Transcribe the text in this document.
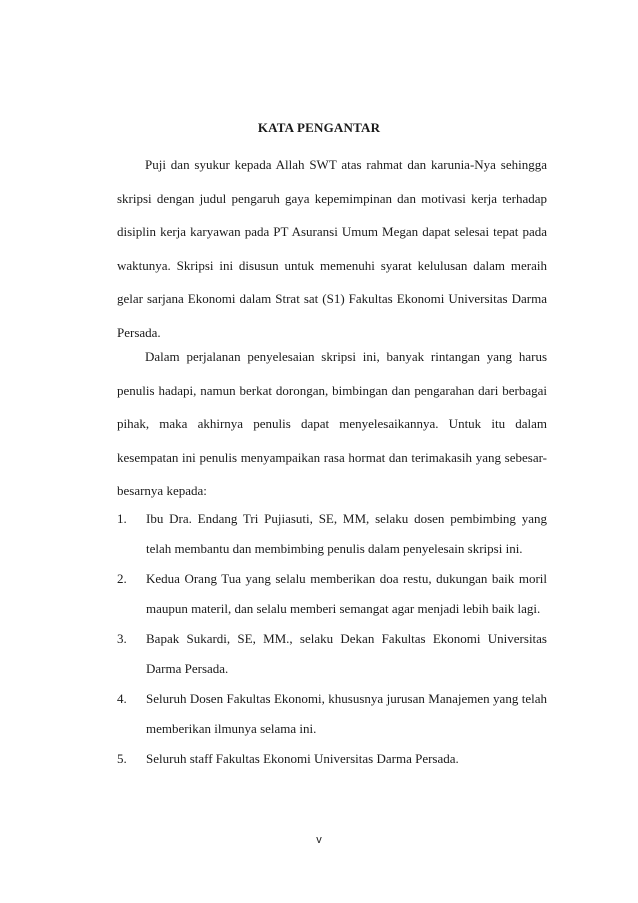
KATA PENGANTAR

Puji dan syukur kepada Allah SWT atas rahmat dan karunia-Nya sehingga skripsi dengan judul pengaruh gaya kepemimpinan dan motivasi kerja terhadap disiplin kerja karyawan pada PT Asuransi Umum Megan dapat selesai tepat pada waktunya. Skripsi ini disusun untuk memenuhi syarat kelulusan dalam meraih gelar sarjana Ekonomi dalam Strat sat (S1) Fakultas Ekonomi Universitas Darma Persada.

Dalam perjalanan penyelesaian skripsi ini, banyak rintangan yang harus penulis hadapi, namun berkat dorongan, bimbingan dan pengarahan dari berbagai pihak, maka akhirnya penulis dapat menyelesaikannya. Untuk itu dalam kesempatan ini penulis menyampaikan rasa hormat dan terimakasih yang sebesar-besarnya kepada:

1. Ibu Dra. Endang Tri Pujiasuti, SE, MM, selaku dosen pembimbing yang telah membantu dan membimbing penulis dalam penyelesain skripsi ini.
2. Kedua Orang Tua yang selalu memberikan doa restu, dukungan baik moril maupun materil, dan selalu memberi semangat agar menjadi lebih baik lagi.
3. Bapak Sukardi, SE, MM., selaku Dekan Fakultas Ekonomi Universitas Darma Persada.
4. Seluruh Dosen Fakultas Ekonomi, khususnya jurusan Manajemen yang telah memberikan ilmunya selama ini.
5. Seluruh staff Fakultas Ekonomi Universitas Darma Persada.
v
